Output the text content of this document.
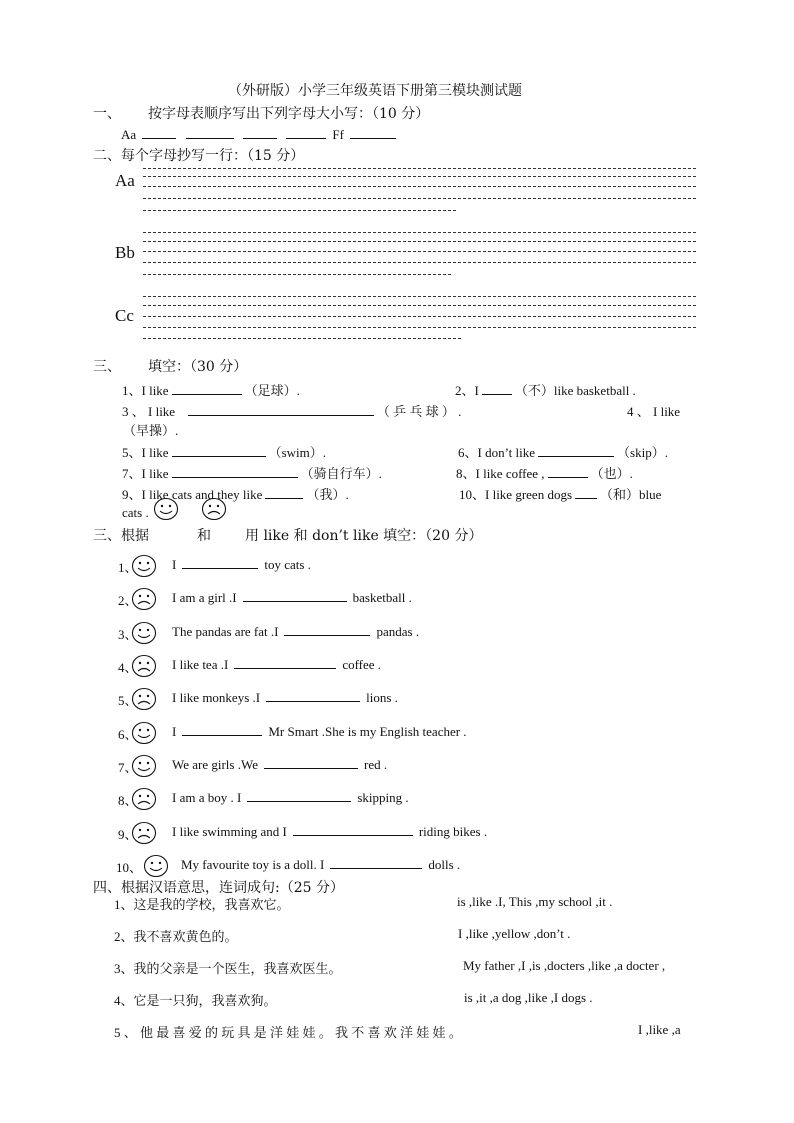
（外研版）小学三年级英语下册第三模块测试题
一、 按字母表顺序写出下列字母大小写：（10 分）
Aa	Ff
二、每个字母抄写一行：（15 分）
Aa
Bb
Cc
三、 填空：（30 分）
1、I like	（足球）.	2、I	（不）like basketball .
3 、 I like	（ 乒 乓 球 ） .	4 、 I like
（早操）.
5、I like	（swim）.	6、I don’t like	（skip）.
7、I like	（骑自行车）.	8、I like coffee ,	（也）.
9、I like cats and they like	（我）.	10、I like green dogs （和）blue
cats .
三、根据	和 用 like 和 don’t like 填空：（20 分）
1、	I	toy cats .
2、	I am a girl .I	basketball .
3、	The pandas are fat .I	pandas .
4、	I like tea .I	coffee .
5、	I like monkeys .I	lions .
6、	I	Mr Smart .She is my English teacher .
7、	We are girls .We	red .
8、	I am a boy . I	skipping .
9、	I like swimming and I	riding bikes .
10、	My favourite toy is a doll. I	dolls .
四、根据汉语意思，连词成句:（25 分）
1、这是我的学校，我喜欢它。	is ,like .I, This ,my school ,it .
2、我不喜欢黄色的。	I ,like ,yellow ,don’t .
3、我的父亲是一个医生，我喜欢医生。	My father ,I ,is ,docters ,like ,a docter ,
4、它是一只狗，我喜欢狗。	is ,it ,a dog ,like ,I dogs .
5 、 他 最 喜 爱 的 玩 具 是 洋 娃 娃 。 我 不 喜 欢 洋 娃 娃 。	I ,like ,a
